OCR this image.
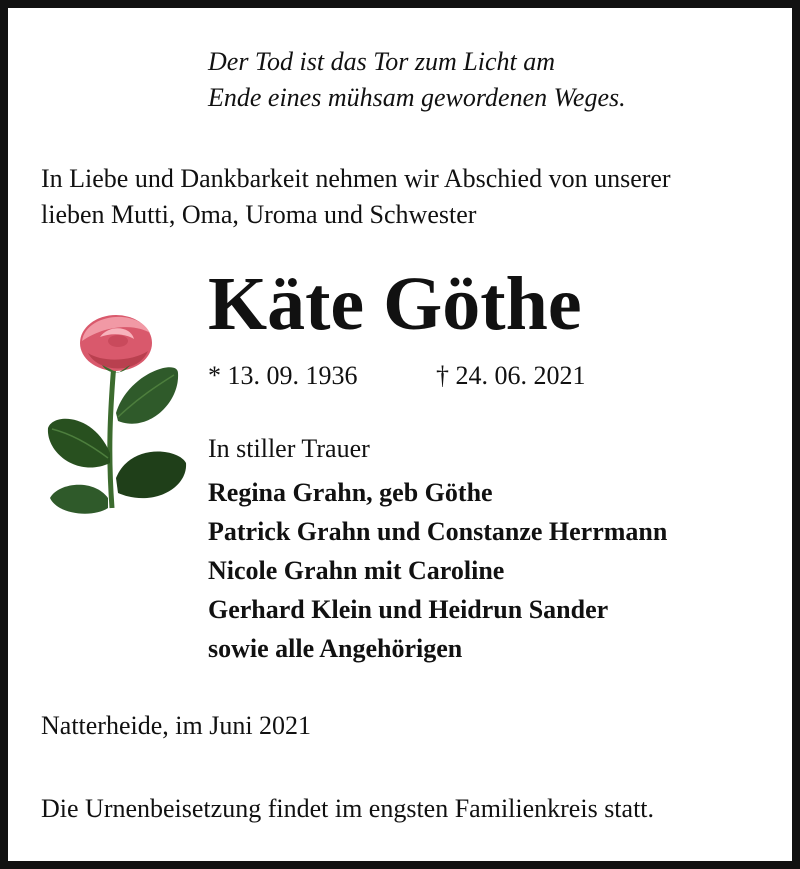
Der Tod ist das Tor zum Licht am
Ende eines mühsam gewordenen Weges.
In Liebe und Dankbarkeit nehmen wir Abschied von unserer
lieben Mutti, Oma, Uroma und Schwester
Käte Göthe
* 13. 09. 1936	† 24. 06. 2021
In stiller Trauer
Regina Grahn, geb Göthe
Patrick Grahn und Constanze Herrmann
Nicole Grahn mit Caroline
Gerhard Klein und Heidrun Sander
sowie alle Angehörigen
Natterheide, im Juni 2021
Die Urnenbeisetzung findet im engsten Familienkreis statt.
